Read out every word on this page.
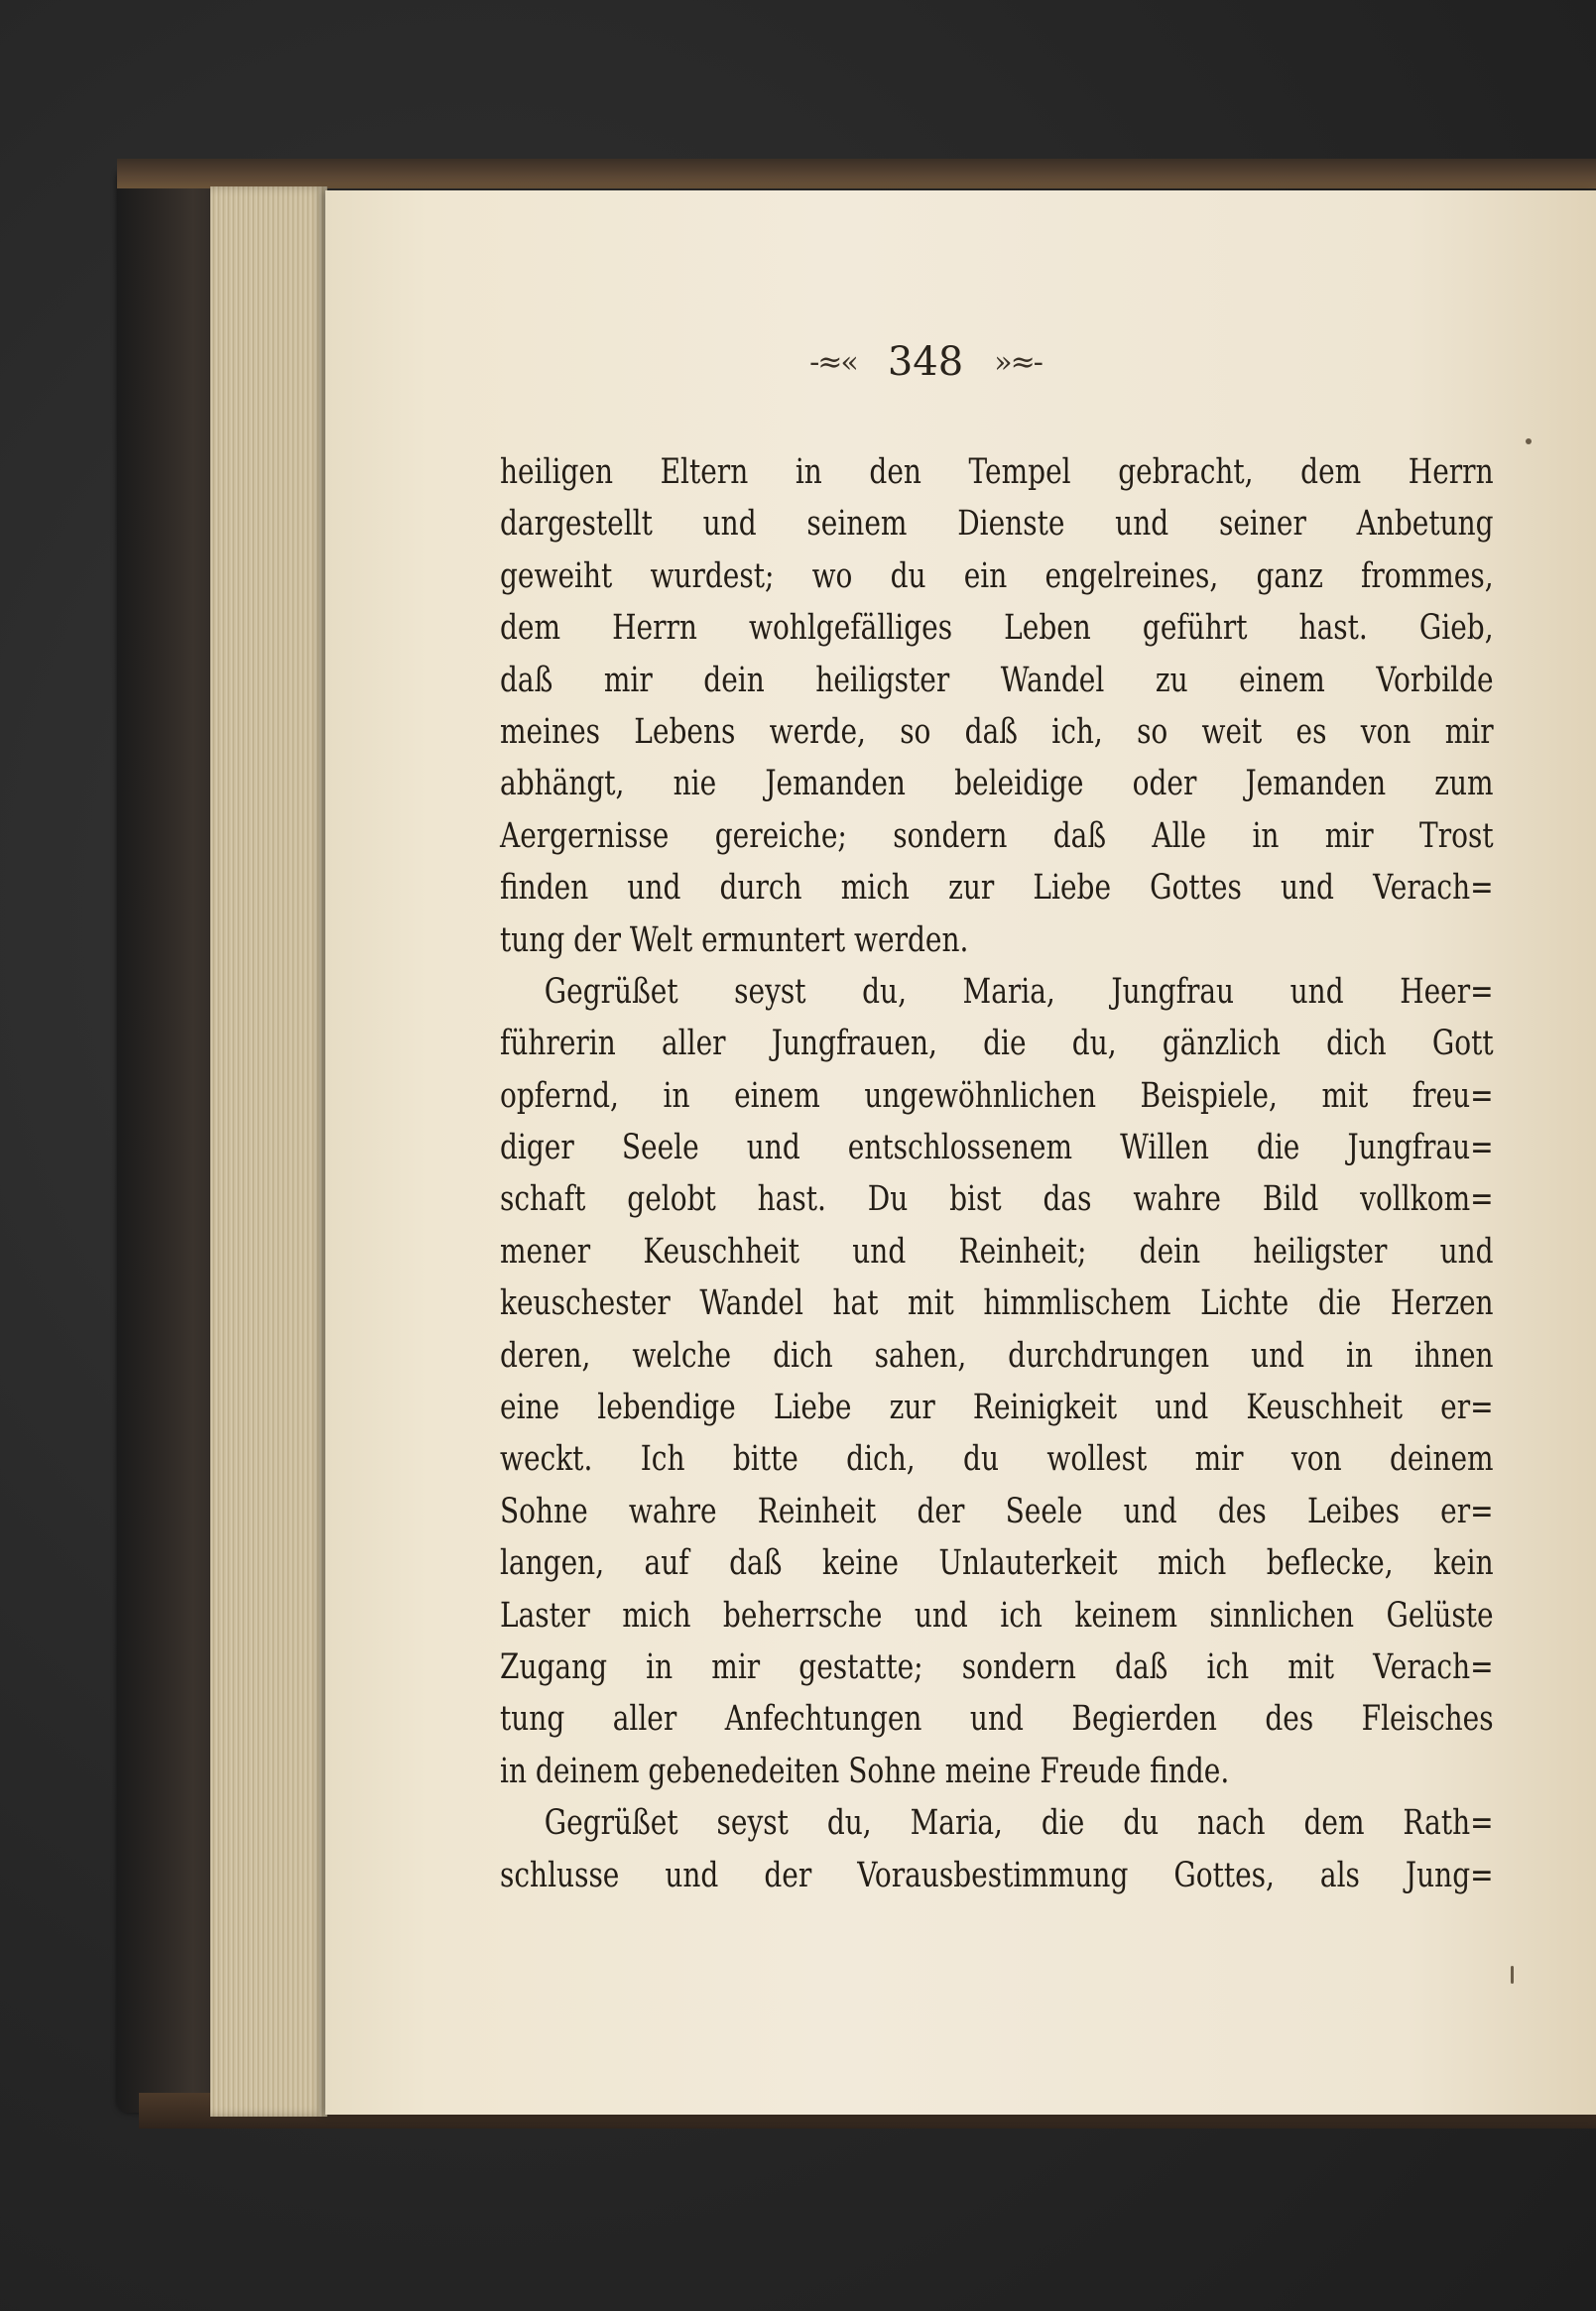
-≈« 348 »≈-
heiligen Eltern in den Tempel gebracht, dem Herrn
dargestellt und seinem Dienste und seiner Anbetung
geweiht wurdest; wo du ein engelreines, ganz frommes,
dem Herrn wohlgefälliges Leben geführt hast. Gieb,
daß mir dein heiligster Wandel zu einem Vorbilde
meines Lebens werde, so daß ich, so weit es von mir
abhängt, nie Jemanden beleidige oder Jemanden zum
Aergernisse gereiche; sondern daß Alle in mir Trost
finden und durch mich zur Liebe Gottes und Verach=
tung der Welt ermuntert werden.
Gegrüßet seyst du, Maria, Jungfrau und Heer=
führerin aller Jungfrauen, die du, gänzlich dich Gott
opfernd, in einem ungewöhnlichen Beispiele, mit freu=
diger Seele und entschlossenem Willen die Jungfrau=
schaft gelobt hast. Du bist das wahre Bild vollkom=
mener Keuschheit und Reinheit; dein heiligster und
keuschester Wandel hat mit himmlischem Lichte die Herzen
deren, welche dich sahen, durchdrungen und in ihnen
eine lebendige Liebe zur Reinigkeit und Keuschheit er=
weckt. Ich bitte dich, du wollest mir von deinem
Sohne wahre Reinheit der Seele und des Leibes er=
langen, auf daß keine Unlauterkeit mich beflecke, kein
Laster mich beherrsche und ich keinem sinnlichen Gelüste
Zugang in mir gestatte; sondern daß ich mit Verach=
tung aller Anfechtungen und Begierden des Fleisches
in deinem gebenedeiten Sohne meine Freude finde.
Gegrüßet seyst du, Maria, die du nach dem Rath=
schlusse und der Vorausbestimmung Gottes, als Jung=
